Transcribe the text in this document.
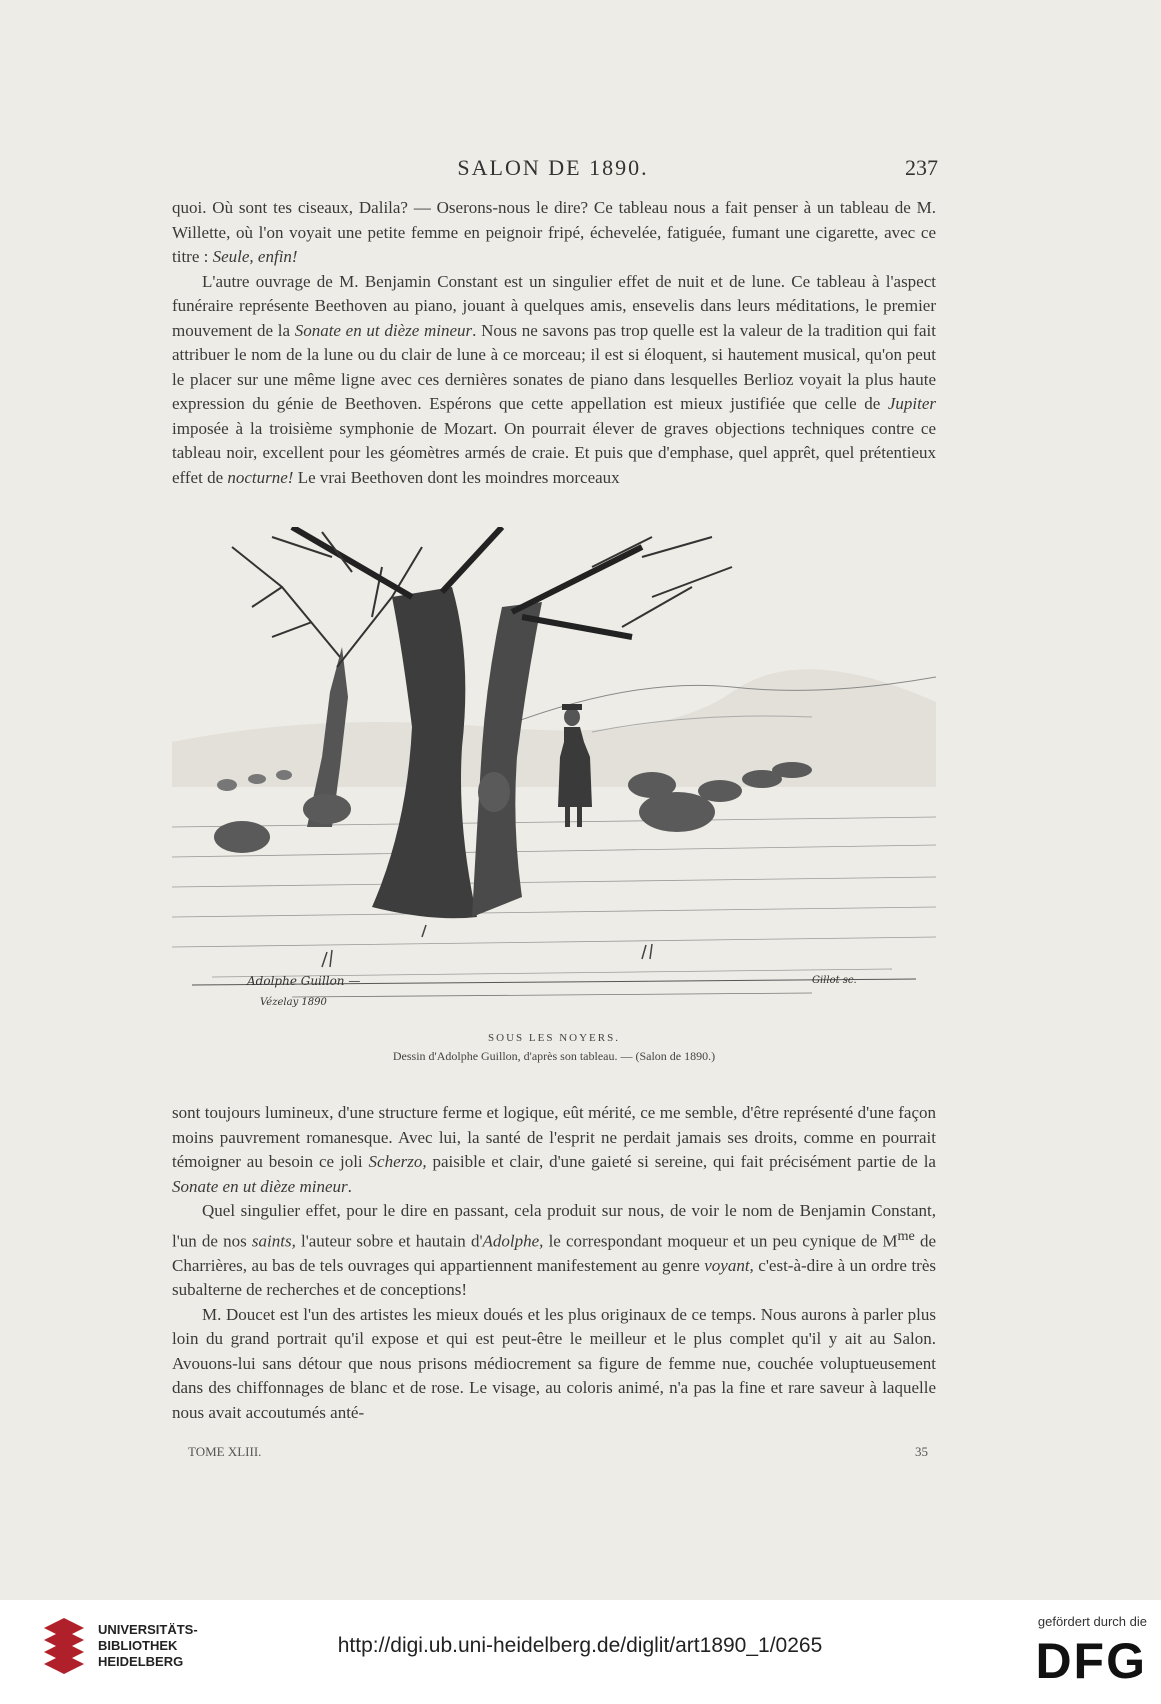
SALON DE 1890.	237

quoi. Où sont tes ciseaux, Dalila? — Oserons-nous le dire? Ce tableau nous a fait penser à un tableau de M. Willette, où l'on voyait une petite femme en peignoir fripé, échevelée, fatiguée, fumant une cigarette, avec ce titre : Seule, enfin!

L'autre ouvrage de M. Benjamin Constant est un singulier effet de nuit et de lune. Ce tableau à l'aspect funéraire représente Beethoven au piano, jouant à quelques amis, ensevelis dans leurs méditations, le premier mouvement de la Sonate en ut dièze mineur. Nous ne savons pas trop quelle est la valeur de la tradition qui fait attribuer le nom de la lune ou du clair de lune à ce morceau; il est si éloquent, si hautement musical, qu'on peut le placer sur une même ligne avec ces dernières sonates de piano dans lesquelles Berlioz voyait la plus haute expression du génie de Beethoven. Espérons que cette appellation est mieux justifiée que celle de Jupiter imposée à la troisième symphonie de Mozart. On pourrait élever de graves objections techniques contre ce tableau noir, excellent pour les géomètres armés de craie. Et puis que d'emphase, quel apprêt, quel prétentieux effet de nocturne! Le vrai Beethoven dont les moindres morceaux

Adolphe Guillon —
Vézelay 1890
Gillot sc.
SOUS LES NOYERS.
Dessin d'Adolphe Guillon, d'après son tableau. — (Salon de 1890.)

sont toujours lumineux, d'une structure ferme et logique, eût mérité, ce me semble, d'être représenté d'une façon moins pauvrement romanesque. Avec lui, la santé de l'esprit ne perdait jamais ses droits, comme en pourrait témoigner au besoin ce joli Scherzo, paisible et clair, d'une gaieté si sereine, qui fait précisément partie de la Sonate en ut dièze mineur.

Quel singulier effet, pour le dire en passant, cela produit sur nous, de voir le nom de Benjamin Constant, l'un de nos saints, l'auteur sobre et hautain d'Adolphe, le correspondant moqueur et un peu cynique de $M^{me}$ de Charrières, au bas de tels ouvrages qui appartiennent manifestement au genre voyant, c'est-à-dire à un ordre très subalterne de recherches et de conceptions!

M. Doucet est l'un des artistes les mieux doués et les plus originaux de ce temps. Nous aurons à parler plus loin du grand portrait qu'il expose et qui est peut-être le meilleur et le plus complet qu'il y ait au Salon. Avouons-lui sans détour que nous prisons médiocrement sa figure de femme nue, couchée voluptueusement dans des chiffonnages de blanc et de rose. Le visage, au coloris animé, n'a pas la fine et rare saveur à laquelle nous avait accoutumés anté-

TOME XLIII.	35
UNIVERSITÄTS-
BIBLIOTHEK
HEIDELBERG
http://digi.ub.uni-heidelberg.de/diglit/art1890_1/0265
gefördert durch die
DFG
